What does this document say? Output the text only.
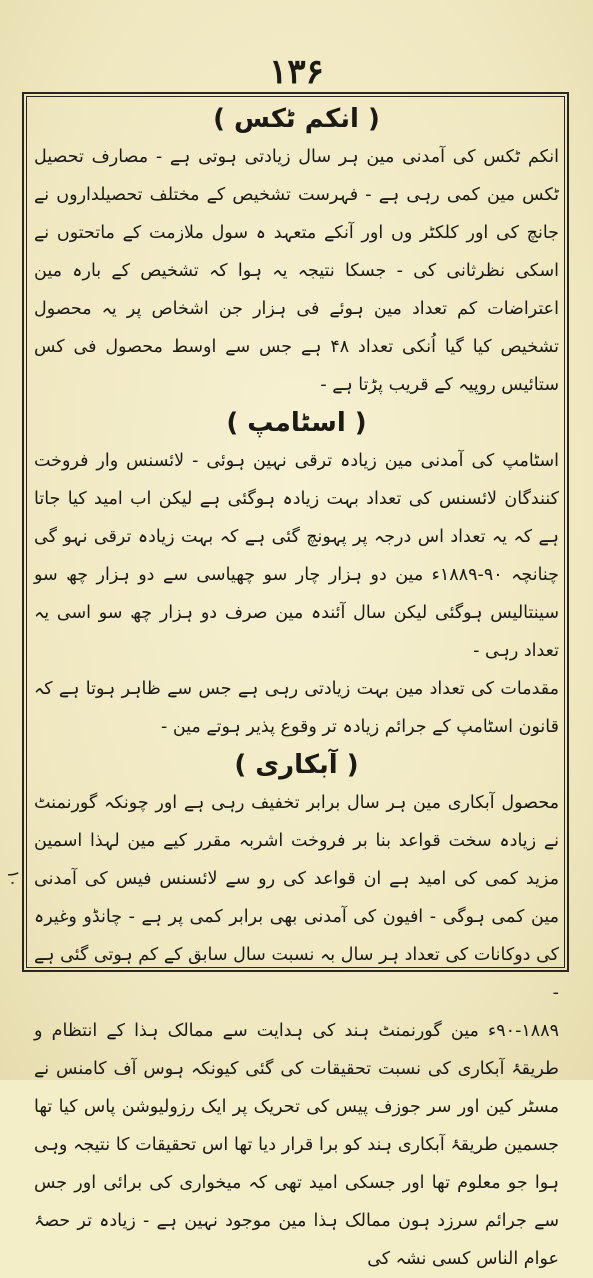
۱۳۶
( انکم ٹکس )

انکم ٹکس کی آمدنی مین ہر سال زیادتی ہوتی ہے - مصارف تحصیل ٹکس مین کمی رہی ہے - فہرست تشخیص کے مختلف تحصیلداروں نے جانچ کی اور کلکٹر وں اور آنکے متعہد ہ سول ملازمت کے ماتحتوں نے اسکی نظرثانی کی - جسکا نتیجہ یہ ہوا کہ تشخیص کے بارہ مین اعتراضات کم تعداد مین ہوئے فی ہزار جن اشخاص پر یہ محصول تشخیص کیا گیا اُنکی تعداد ۴۸ ہے جس سے اوسط محصول فی کس ستائیس روپیہ کے قریب پڑتا ہے -

( اسٹامپ )

اسٹامپ کی آمدنی مین زیادہ ترقی نہین ہوئی - لائسنس وار فروخت کنندگان لائسنس کی تعداد بہت زیادہ ہوگئی ہے لیکن اب امید کیا جاتا ہے کہ یہ تعداد اس درجہ پر پہونچ گئی ہے کہ بہت زیادہ ترقی نہو گی چنانچہ ۹۰-۱۸۸۹ء مین دو ہزار چار سو چھیاسی سے دو ہزار چھ سو سینتالیس ہوگئی لیکن سال آئندہ مین صرف دو ہزار چھ سو اسی یہ تعداد رہی -

مقدمات کی تعداد مین بہت زیادتی رہی ہے جس سے ظاہر ہوتا ہے کہ قانون اسٹامپ کے جرائم زیادہ تر وقوع پذیر ہوتے مین -

( آبکاری )

محصول آبکاری مین ہر سال برابر تخفیف رہی ہے اور چونکہ گورنمنٹ نے زیادہ سخت قواعد بنا بر فروخت اشربہ مقرر کیے مین لہذا اسمین مزید کمی کی امید ہے ان قواعد کی رو سے لائسنس فیس کی آمدنی مین کمی ہوگی - افیون کی آمدنی بھی برابر کمی پر ہے - چانڈو وغیرہ کی دوکانات کی تعداد ہر سال بہ نسبت سال سابق کے کم ہوتی گئی ہے -

۹۰-۱۸۸۹ء مین گورنمنٹ ہند کی ہدایت سے ممالک ہذا کے انتظام و طریقۂ آبکاری کی نسبت تحقیقات کی گئی کیونکہ ہوس آف کامنس نے مسٹر کین اور سر جوزف پیس کی تحریک پر ایک رزولیوشن پاس کیا تھا جسمین طریقۂ آبکاری ہند کو برا قرار دیا تھا اس تحقیقات کا نتیجہ وہی ہوا جو معلوم تھا اور جسکی امید تھی کہ میخواری کی برائی اور جس سے جرائم سرزد ہون ممالک ہذا مین موجود نہین ہے - زیادہ تر حصۂ عوام الناس کسی نشہ کی

۱۰
